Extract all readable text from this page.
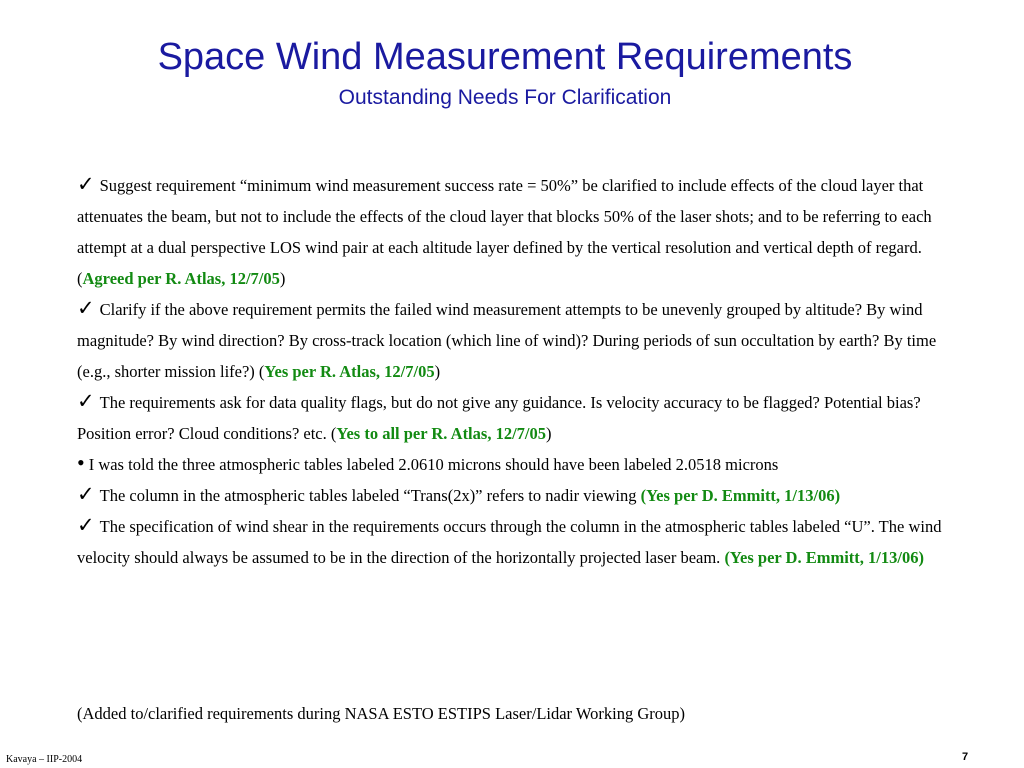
Space Wind Measurement Requirements
Outstanding Needs For Clarification

✓ Suggest requirement “minimum wind measurement success rate = 50%” be clarified to include effects of the cloud layer that attenuates the beam, but not to include the effects of the cloud layer that blocks 50% of the laser shots; and to be referring to each attempt at a dual perspective LOS wind pair at each altitude layer defined by the vertical resolution and vertical depth of regard. (Agreed per R. Atlas, 12/7/05)

✓ Clarify if the above requirement permits the failed wind measurement attempts to be unevenly grouped by altitude? By wind magnitude? By wind direction? By cross-track location (which line of wind)? During periods of sun occultation by earth? By time (e.g., shorter mission life?) (Yes per R. Atlas, 12/7/05)

✓ The requirements ask for data quality flags, but do not give any guidance. Is velocity accuracy to be flagged? Potential bias? Position error? Cloud conditions? etc. (Yes to all per R. Atlas, 12/7/05)

• I was told the three atmospheric tables labeled 2.0610 microns should have been labeled 2.0518 microns

✓ The column in the atmospheric tables labeled “Trans(2x)” refers to nadir viewing (Yes per D. Emmitt, 1/13/06)

✓ The specification of wind shear in the requirements occurs through the column in the atmospheric tables labeled “U”. The wind velocity should always be assumed to be in the direction of the horizontally projected laser beam. (Yes per D. Emmitt, 1/13/06)

(Added to/clarified requirements during NASA ESTO ESTIPS Laser/Lidar Working Group)
Kavaya – IIP-2004	7
